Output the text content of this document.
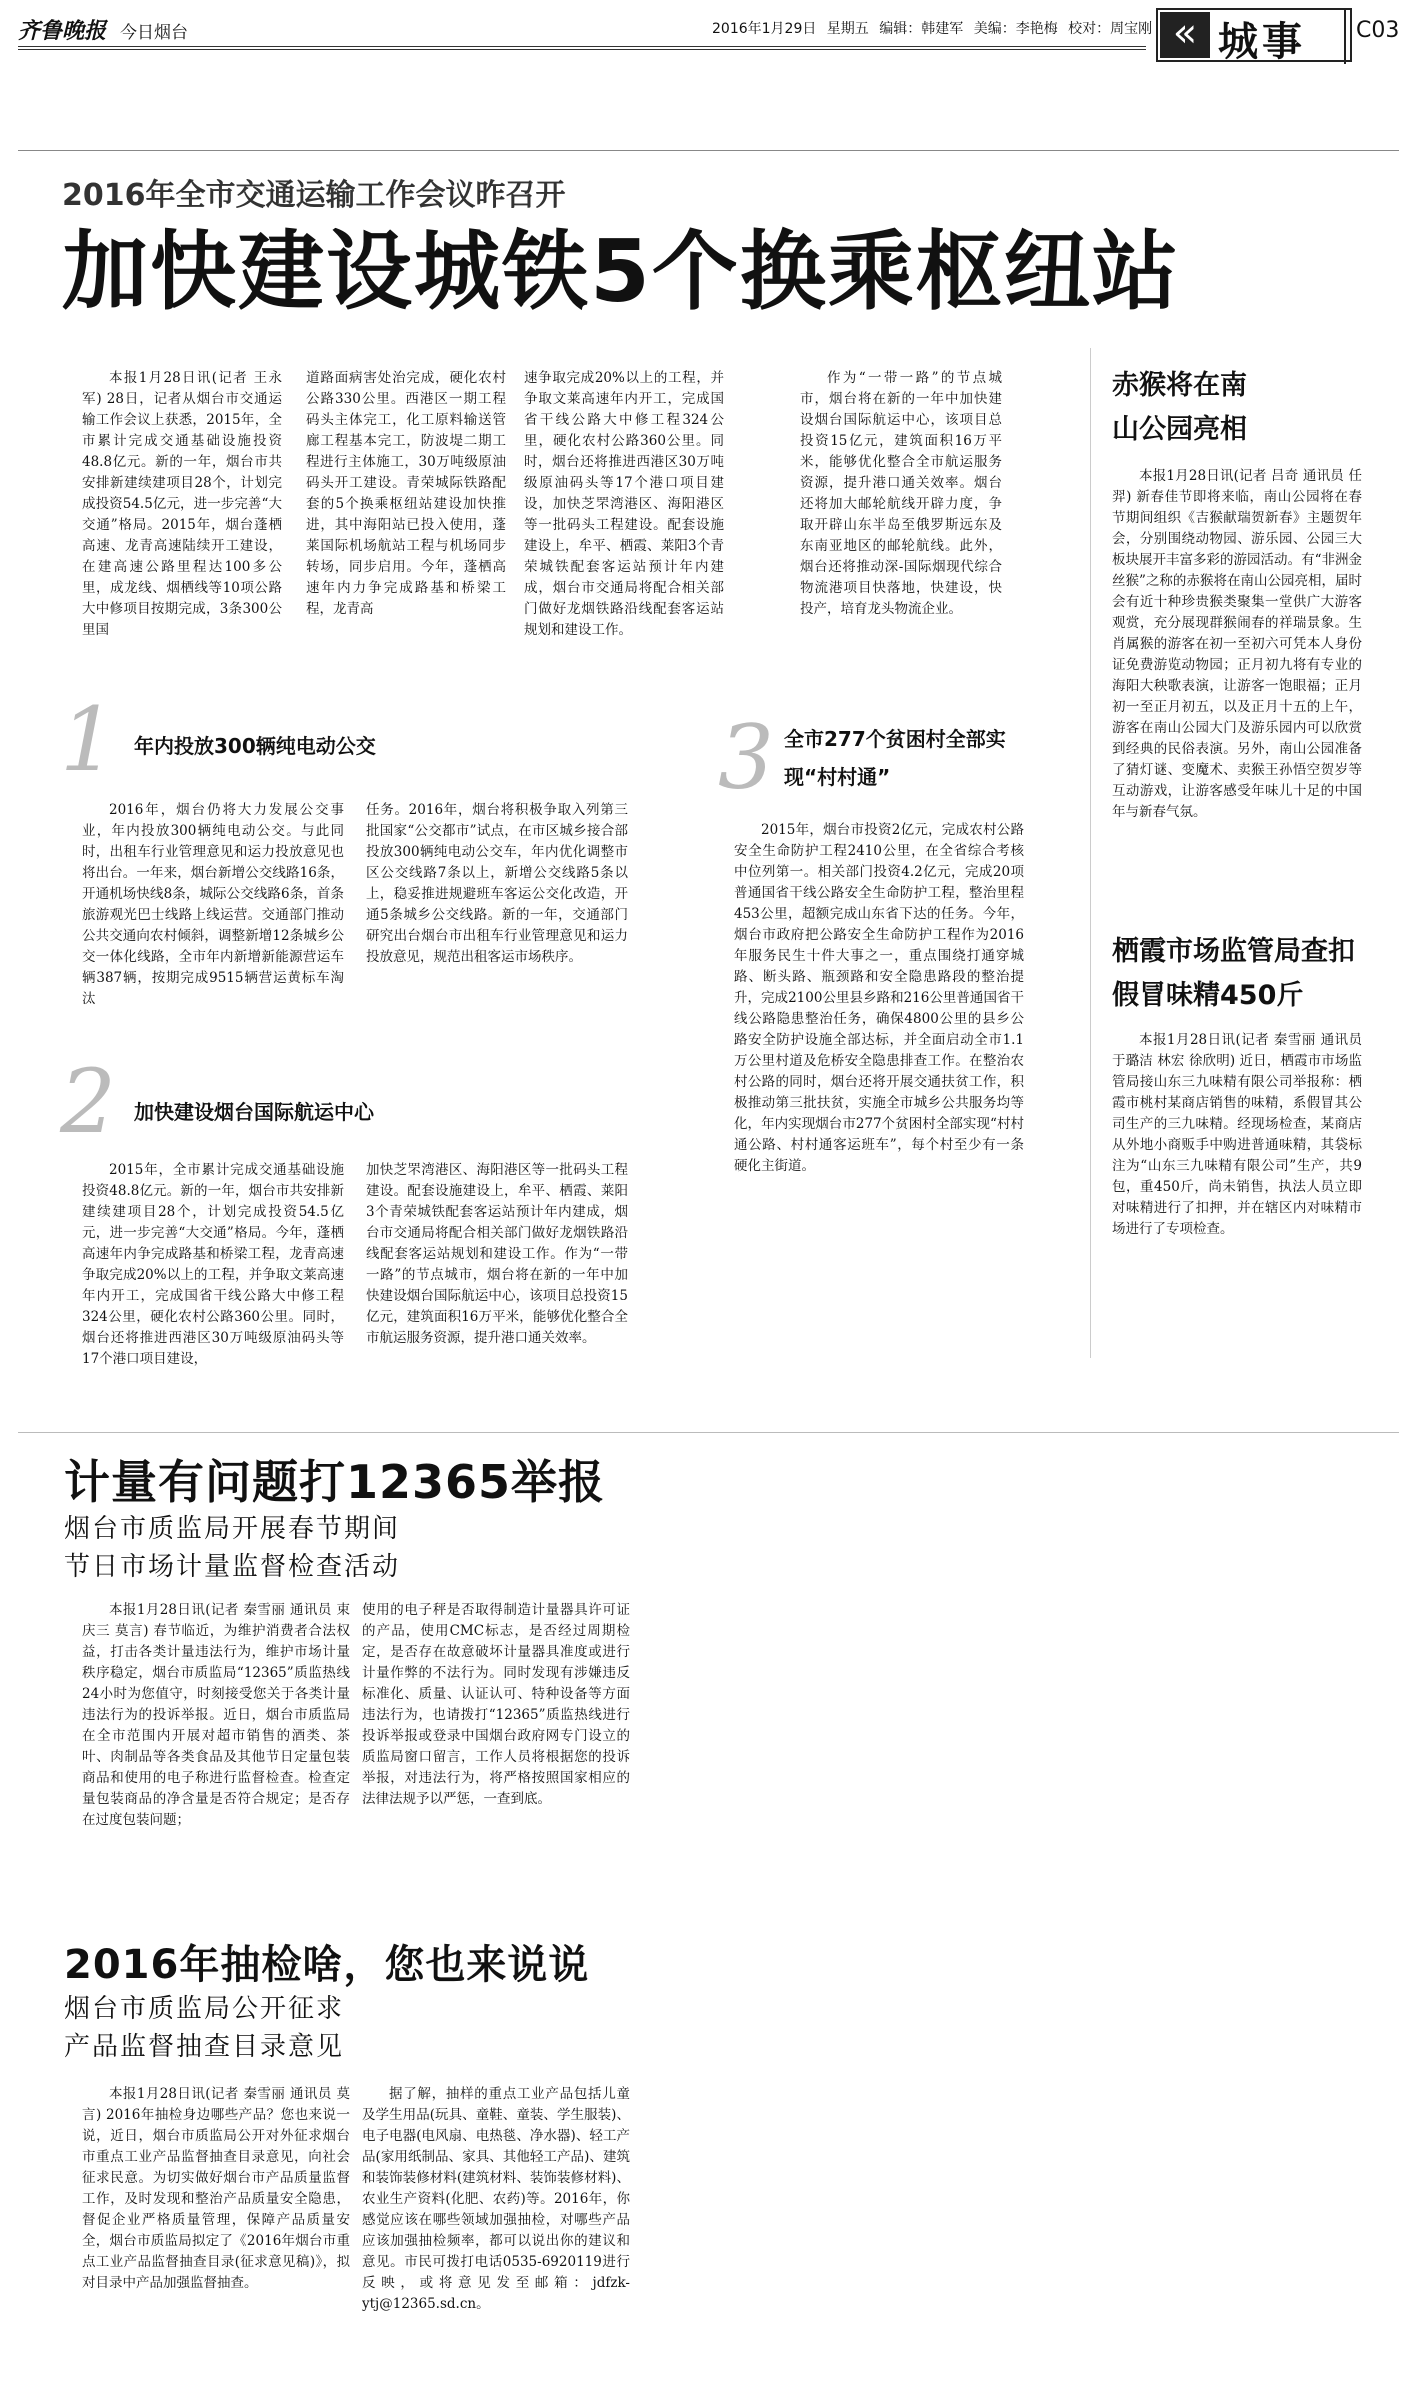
齐鲁晚报 今日烟台	2016年1月29日 星期五 编辑：韩建军 美编：李艳梅 校对：周宝刚 « 城事 C03
2016年全市交通运输工作会议昨召开
加快建设城铁5个换乘枢纽站
本报1月28日讯(记者 王永军) 28日，记者从烟台市交通运输工作会议上获悉，2015年，全市累计完成交通基础设施投资48.8亿元。新的一年，烟台市共安排新建续建项目28个，计划完成投资54.5亿元，进一步完善“大交通”格局。2015年，烟台蓬栖高速、龙青高速陆续开工建设，在建高速公路里程达100多公里，成龙线、烟栖线等10项公路大中修项目按期完成，3条300公里国
道路面病害处治完成，硬化农村公路330公里。西港区一期工程码头主体完工，化工原料输送管廊工程基本完工，防波堤二期工程进行主体施工，30万吨级原油码头开工建设。青荣城际铁路配套的5个换乘枢纽站建设加快推进，其中海阳站已投入使用，蓬莱国际机场航站工程与机场同步转场，同步启用。今年，蓬栖高速年内力争完成路基和桥梁工程，龙青高
速争取完成20%以上的工程，并争取文莱高速年内开工，完成国省干线公路大中修工程324公里，硬化农村公路360公里。同时，烟台还将推进西港区30万吨级原油码头等17个港口项目建设，加快芝罘湾港区、海阳港区等一批码头工程建设。配套设施建设上，牟平、栖霞、莱阳3个青荣城铁配套客运站预计年内建成，烟台市交通局将配合相关部门做好龙烟铁路沿线配套客运站规划和建设工作。
作为“一带一路”的节点城市，烟台将在新的一年中加快建设烟台国际航运中心，该项目总投资15亿元，建筑面积16万平米，能够优化整合全市航运服务资源，提升港口通关效率。烟台还将加大邮轮航线开辟力度，争取开辟山东半岛至俄罗斯远东及东南亚地区的邮轮航线。此外，烟台还将推动深-国际烟现代综合物流港项目快落地，快建设，快投产，培育龙头物流企业。
1 年内投放300辆纯电动公交
2016年，烟台仍将大力发展公交事业，年内投放300辆纯电动公交。与此同时，出租车行业管理意见和运力投放意见也将出台。一年来，烟台新增公交线路16条，开通机场快线8条，城际公交线路6条，首条旅游观光巴士线路上线运营。交通部门推动公共交通向农村倾斜，调整新增12条城乡公交一体化线路，全市年内新增新能源营运车辆387辆，按期完成9515辆营运黄标车淘汰
任务。2016年，烟台将积极争取入列第三批国家“公交都市”试点，在市区城乡接合部投放300辆纯电动公交车，年内优化调整市区公交线路7条以上，新增公交线路5条以上，稳妥推进规避班车客运公交化改造，开通5条城乡公交线路。新的一年，交通部门研究出台烟台市出租车行业管理意见和运力投放意见，规范出租客运市场秩序。
2 加快建设烟台国际航运中心
2015年，全市累计完成交通基础设施投资48.8亿元。新的一年，烟台市共安排新建续建项目28个，计划完成投资54.5亿元，进一步完善“大交通”格局。今年，蓬栖高速年内争完成路基和桥梁工程，龙青高速争取完成20%以上的工程，并争取文莱高速年内开工，完成国省干线公路大中修工程324公里，硬化农村公路360公里。同时，烟台还将推进西港区30万吨级原油码头等17个港口项目建设，
加快芝罘湾港区、海阳港区等一批码头工程建设。配套设施建设上，牟平、栖霞、莱阳3个青荣城铁配套客运站预计年内建成，烟台市交通局将配合相关部门做好龙烟铁路沿线配套客运站规划和建设工作。作为“一带一路”的节点城市，烟台将在新的一年中加快建设烟台国际航运中心，该项目总投资15亿元，建筑面积16万平米，能够优化整合全市航运服务资源，提升港口通关效率。
3 全市277个贫困村全部实现“村村通”
2015年，烟台市投资2亿元，完成农村公路安全生命防护工程2410公里，在全省综合考核中位列第一。相关部门投资4.2亿元，完成20项普通国省干线公路安全生命防护工程，整治里程453公里，超额完成山东省下达的任务。今年，烟台市政府把公路安全生命防护工程作为2016年服务民生十件大事之一，重点围绕打通穿城路、断头路、瓶颈路和安全隐患路段的整治提升，完成2100公里县乡路和216公里普通国省干线公路隐患整治任务，确保4800公里的县乡公路安全防护设施全部达标，并全面启动全市1.1万公里村道及危桥安全隐患排查工作。在整治农村公路的同时，烟台还将开展交通扶贫工作，积极推动第三批扶贫，实施全市城乡公共服务均等化，年内实现烟台市277个贫困村全部实现“村村通公路、村村通客运班车”，每个村至少有一条硬化主街道。
赤猴将在南山公园亮相
本报1月28日讯(记者 吕奇 通讯员 任羿) 新春佳节即将来临，南山公园将在春节期间组织《吉猴献瑞贺新春》主题贺年会，分别围绕动物园、游乐园、公园三大板块展开丰富多彩的游园活动。有“非洲金丝猴”之称的赤猴将在南山公园亮相，届时会有近十种珍贵猴类聚集一堂供广大游客观赏，充分展现群猴闹春的祥瑞景象。生肖属猴的游客在初一至初六可凭本人身份证免费游览动物园；正月初九将有专业的海阳大秧歌表演，让游客一饱眼福；正月初一至正月初五，以及正月十五的上午，游客在南山公园大门及游乐园内可以欣赏到经典的民俗表演。另外，南山公园准备了猜灯谜、变魔术、卖猴王孙悟空贺岁等互动游戏，让游客感受年味儿十足的中国年与新春气氛。
栖霞市场监管局查扣假冒味精450斤
本报1月28日讯(记者 秦雪丽 通讯员 于璐洁 林宏 徐欣明) 近日，栖霞市市场监管局接山东三九味精有限公司举报称：栖霞市桃村某商店销售的味精，系假冒其公司生产的三九味精。经现场检查，某商店从外地小商贩手中购进普通味精，其袋标注为“山东三九味精有限公司”生产，共9包，重450斤，尚未销售，执法人员立即对味精进行了扣押，并在辖区内对味精市场进行了专项检查。
计量有问题打12365举报
烟台市质监局开展春节期间
节日市场计量监督检查活动
本报1月28日讯(记者 秦雪丽 通讯员 束庆三 莫言) 春节临近，为维护消费者合法权益，打击各类计量违法行为，维护市场计量秩序稳定，烟台市质监局“12365”质监热线24小时为您值守，时刻接受您关于各类计量违法行为的投诉举报。近日，烟台市质监局在全市范围内开展对超市销售的酒类、茶叶、肉制品等各类食品及其他节日定量包装商品和使用的电子称进行监督检查。检查定量包装商品的净含量是否符合规定；是否存在过度包装问题；
使用的电子秤是否取得制造计量器具许可证的产品，使用CMC标志，是否经过周期检定，是否存在故意破坏计量器具准度或进行计量作弊的不法行为。同时发现有涉嫌违反标准化、质量、认证认可、特种设备等方面违法行为，也请拨打“12365”质监热线进行投诉举报或登录中国烟台政府网专门设立的质监局窗口留言，工作人员将根据您的投诉举报，对违法行为，将严格按照国家相应的法律法规予以严惩，一查到底。
2016年抽检啥，您也来说说
烟台市质监局公开征求
产品监督抽查目录意见
本报1月28日讯(记者 秦雪丽 通讯员 莫言) 2016年抽检身边哪些产品？您也来说一说，近日，烟台市质监局公开对外征求烟台市重点工业产品监督抽查目录意见，向社会征求民意。为切实做好烟台市产品质量监督工作，及时发现和整治产品质量安全隐患，督促企业严格质量管理，保障产品质量安全，烟台市质监局拟定了《2016年烟台市重点工业产品监督抽查目录(征求意见稿)》，拟对目录中产品加强监督抽查。
据了解，抽样的重点工业产品包括儿童及学生用品(玩具、童鞋、童装、学生服装)、电子电器(电风扇、电热毯、净水器)、轻工产品(家用纸制品、家具、其他轻工产品)、建筑和装饰装修材料(建筑材料、装饰装修材料)、农业生产资料(化肥、农药)等。2016年，你感觉应该在哪些领域加强抽检，对哪些产品应该加强抽检频率，都可以说出你的建议和意见。市民可拨打电话0535-6920119进行反映，或将意见发至邮箱：jdfzk-ytj@12365.sd.cn。
